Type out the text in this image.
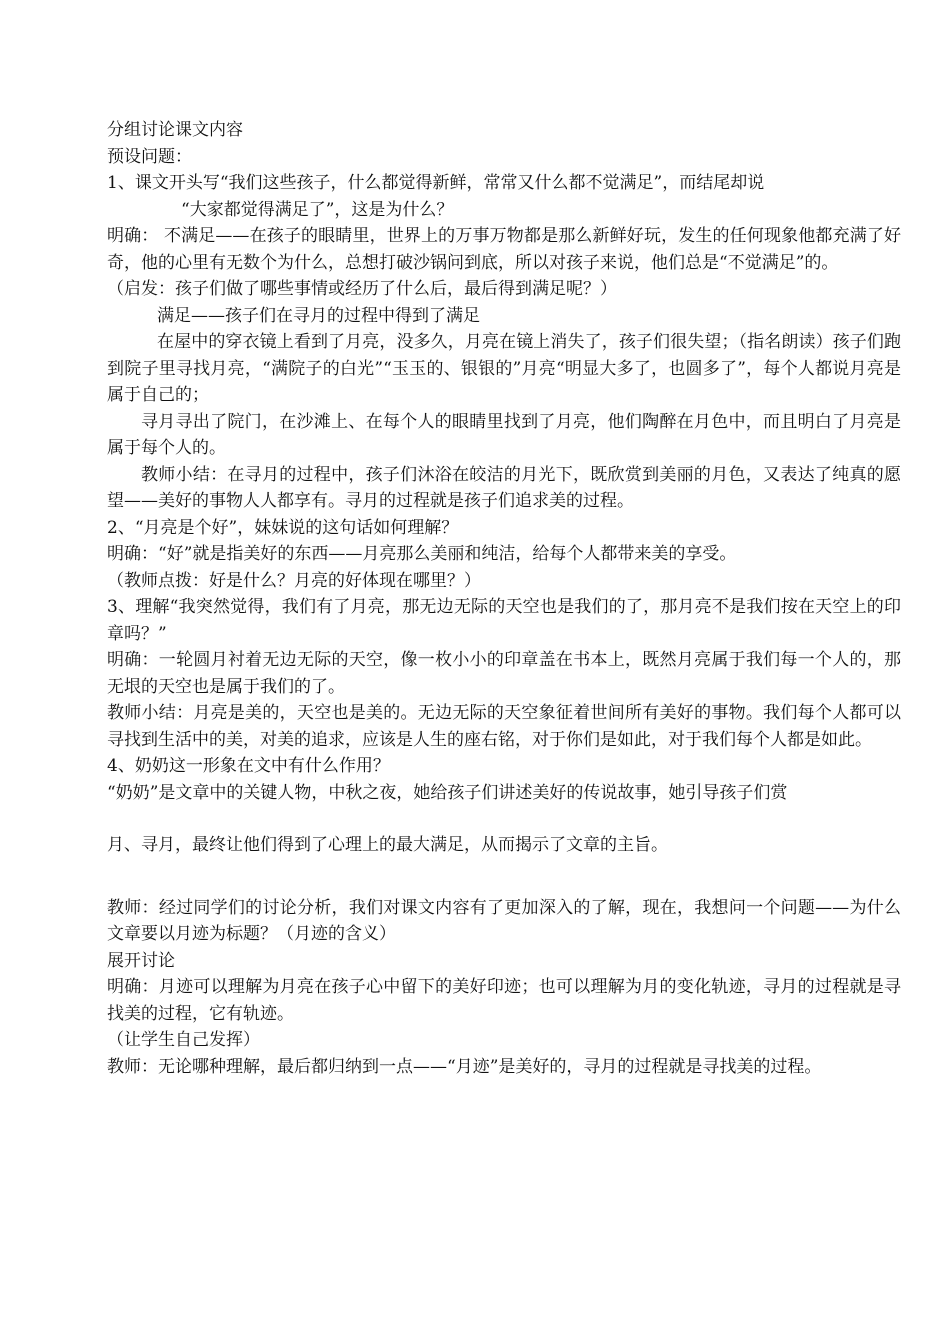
分组讨论课文内容

预设问题：

1、课文开头写“我们这些孩子，什么都觉得新鲜，常常又什么都不觉满足”，而结尾却说

“大家都觉得满足了”，这是为什么？

明确： 不满足——在孩子的眼睛里，世界上的万事万物都是那么新鲜好玩，发生的任何现象他都充满了好奇，他的心里有无数个为什么，总想打破沙锅问到底，所以对孩子来说，他们总是“不觉满足”的。

（启发：孩子们做了哪些事情或经历了什么后，最后得到满足呢？）

满足——孩子们在寻月的过程中得到了满足

在屋中的穿衣镜上看到了月亮，没多久，月亮在镜上消失了，孩子们很失望；（指名朗读）孩子们跑到院子里寻找月亮，“满院子的白光”“玉玉的、银银的”月亮“明显大多了，也圆多了”，每个人都说月亮是属于自己的；

寻月寻出了院门，在沙滩上、在每个人的眼睛里找到了月亮，他们陶醉在月色中，而且明白了月亮是属于每个人的。

教师小结：在寻月的过程中，孩子们沐浴在皎洁的月光下，既欣赏到美丽的月色，又表达了纯真的愿望——美好的事物人人都享有。寻月的过程就是孩子们追求美的过程。

2、“月亮是个好”，妹妹说的这句话如何理解？

明确：“好”就是指美好的东西——月亮那么美丽和纯洁，给每个人都带来美的享受。

（教师点拨：好是什么？月亮的好体现在哪里？）

3、理解“我突然觉得，我们有了月亮，那无边无际的天空也是我们的了，那月亮不是我们按在天空上的印章吗？”

明确：一轮圆月衬着无边无际的天空，像一枚小小的印章盖在书本上，既然月亮属于我们每一个人的，那无垠的天空也是属于我们的了。

教师小结：月亮是美的，天空也是美的。无边无际的天空象征着世间所有美好的事物。我们每个人都可以寻找到生活中的美，对美的追求，应该是人生的座右铭，对于你们是如此，对于我们每个人都是如此。

4、奶奶这一形象在文中有什么作用？

“奶奶”是文章中的关键人物，中秋之夜，她给孩子们讲述美好的传说故事，她引导孩子们赏

月、寻月，最终让他们得到了心理上的最大满足，从而揭示了文章的主旨。

教师：经过同学们的讨论分析，我们对课文内容有了更加深入的了解，现在，我想问一个问题——为什么文章要以月迹为标题？（月迹的含义）

展开讨论

明确：月迹可以理解为月亮在孩子心中留下的美好印迹；也可以理解为月的变化轨迹，寻月的过程就是寻找美的过程，它有轨迹。

（让学生自己发挥）

教师：无论哪种理解，最后都归纳到一点——“月迹”是美好的，寻月的过程就是寻找美的过程。
